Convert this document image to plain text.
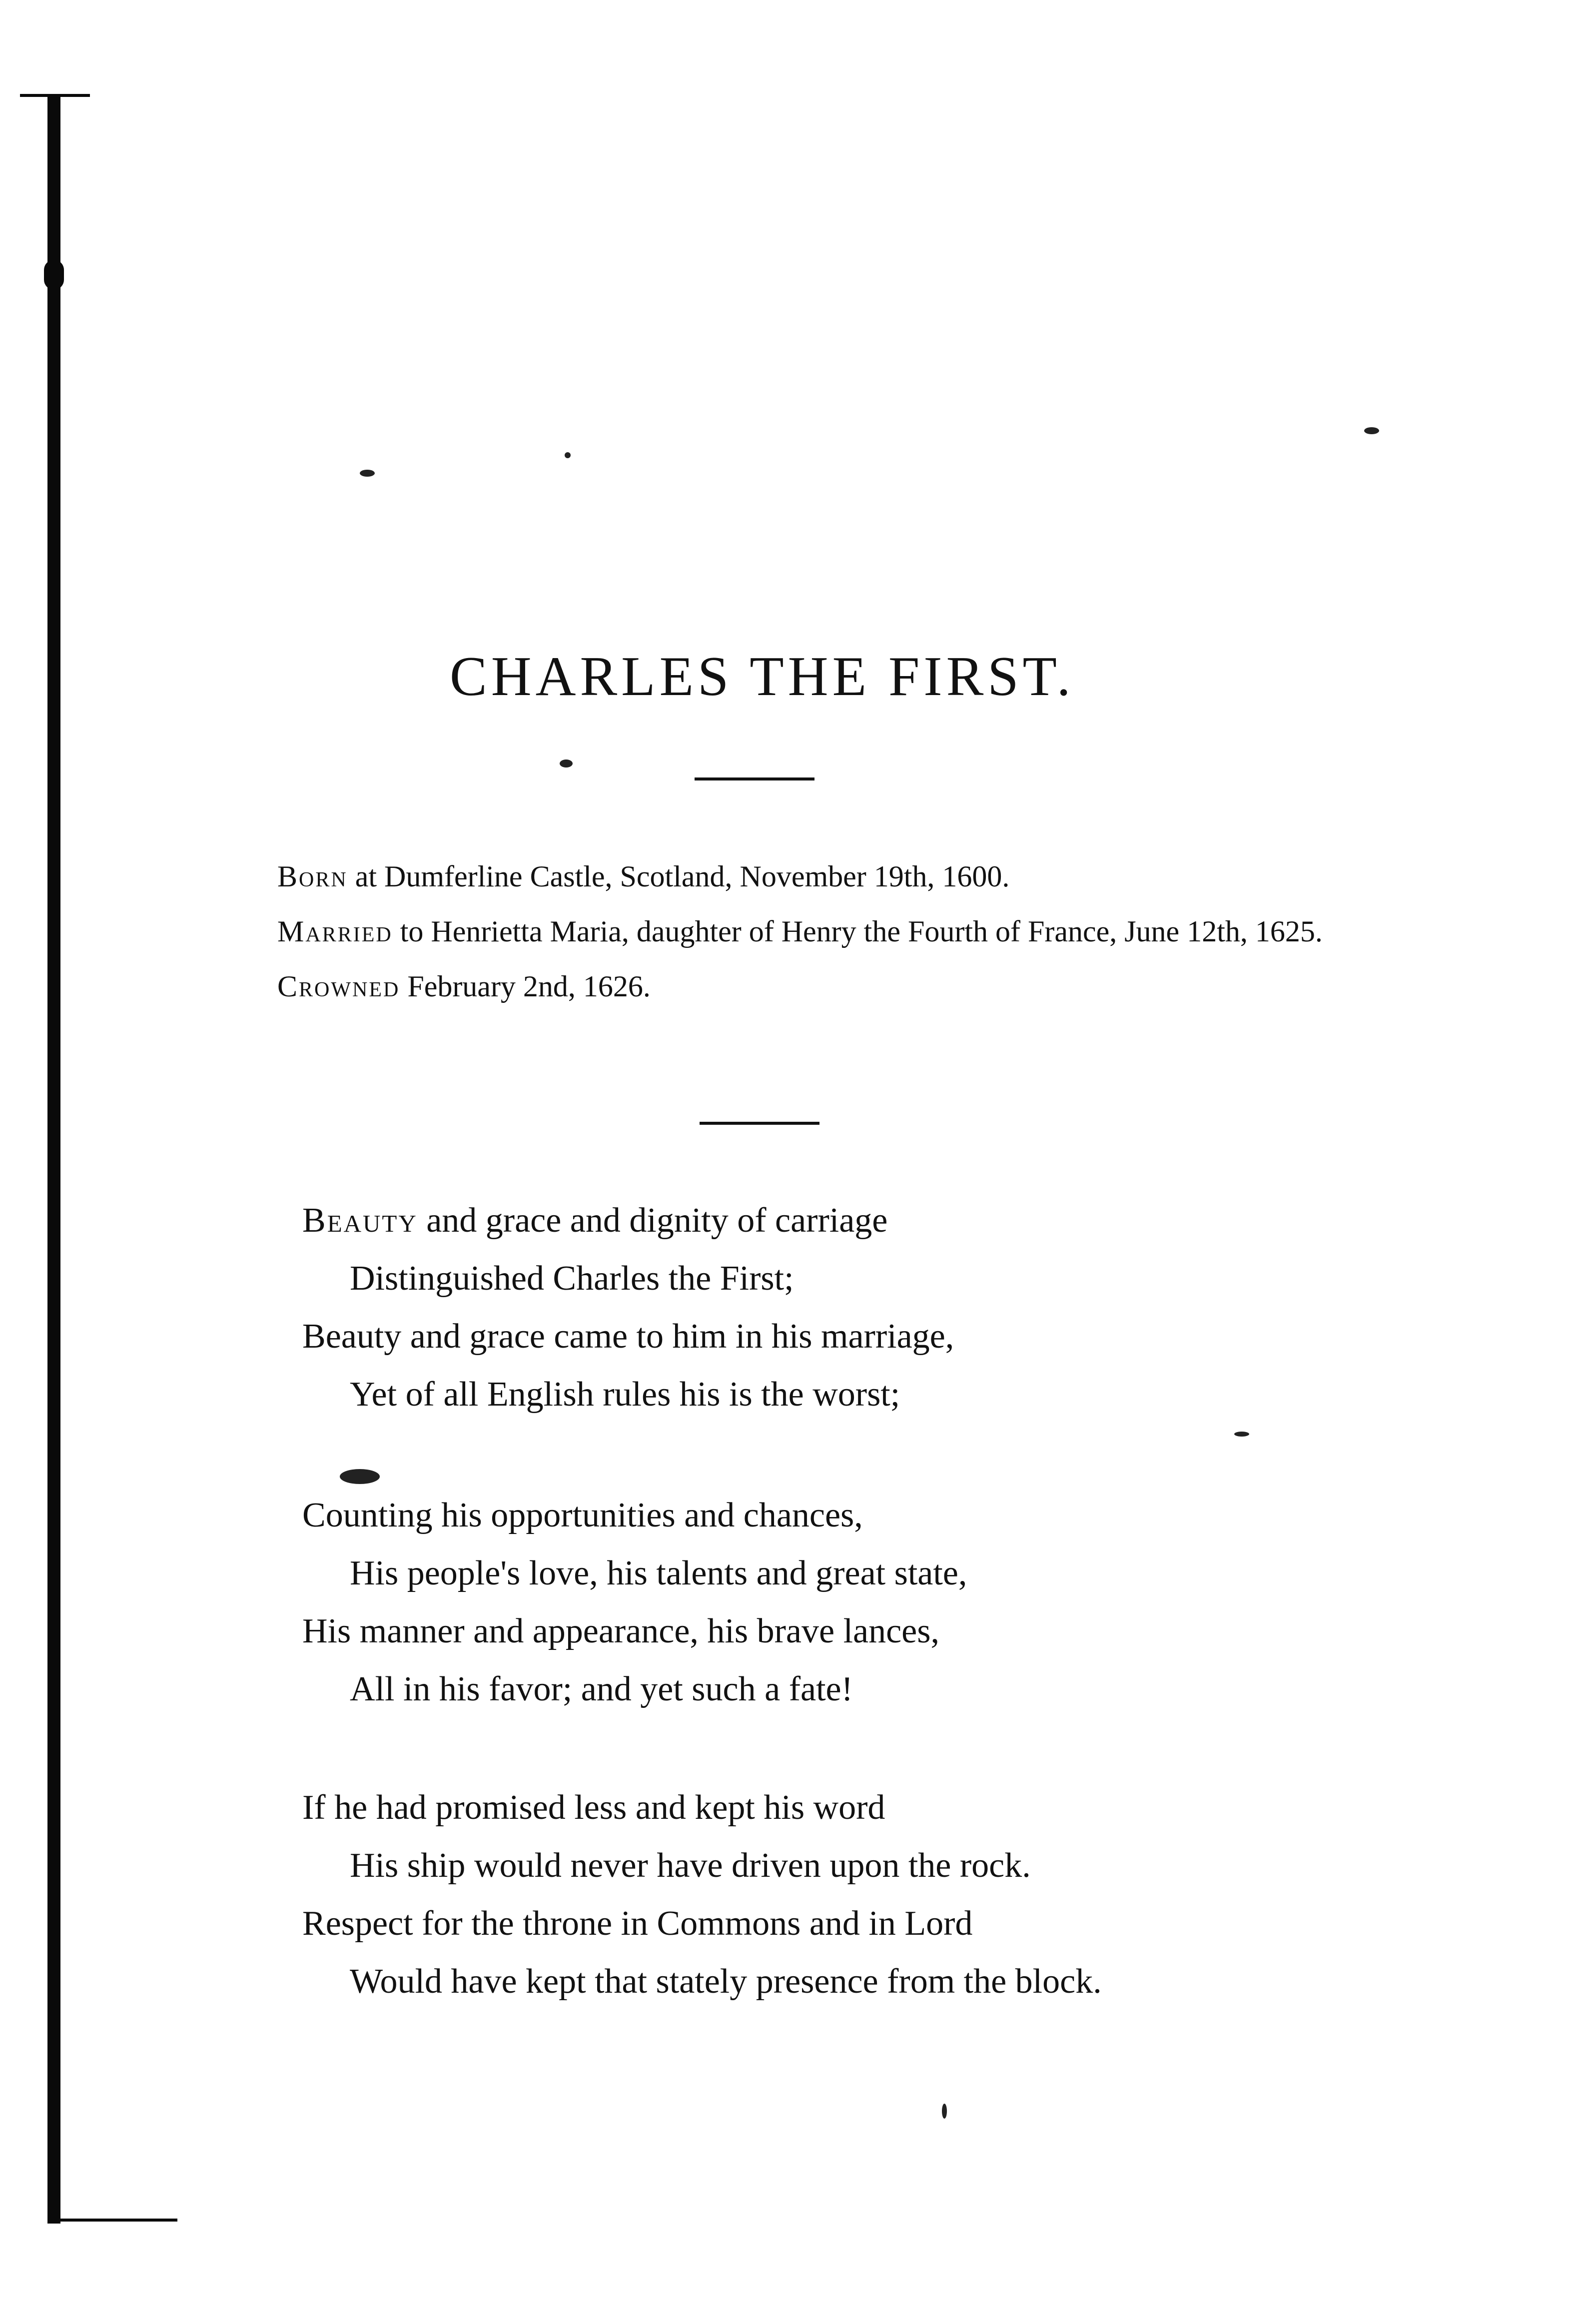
CHARLES THE FIRST.

Born at Dumferline Castle, Scotland, November 19th, 1600.

Married to Henrietta Maria, daughter of Henry the Fourth of France, June 12th, 1625.

Crowned February 2nd, 1626.

Beauty and grace and dignity of carriage
Distinguished Charles the First;
Beauty and grace came to him in his marriage,
Yet of all English rules his is the worst;
Counting his opportunities and chances,
His people's love, his talents and great state,
His manner and appearance, his brave lances,
All in his favor; and yet such a fate!
If he had promised less and kept his word
His ship would never have driven upon the rock.
Respect for the throne in Commons and in Lord
Would have kept that stately presence from the block.
